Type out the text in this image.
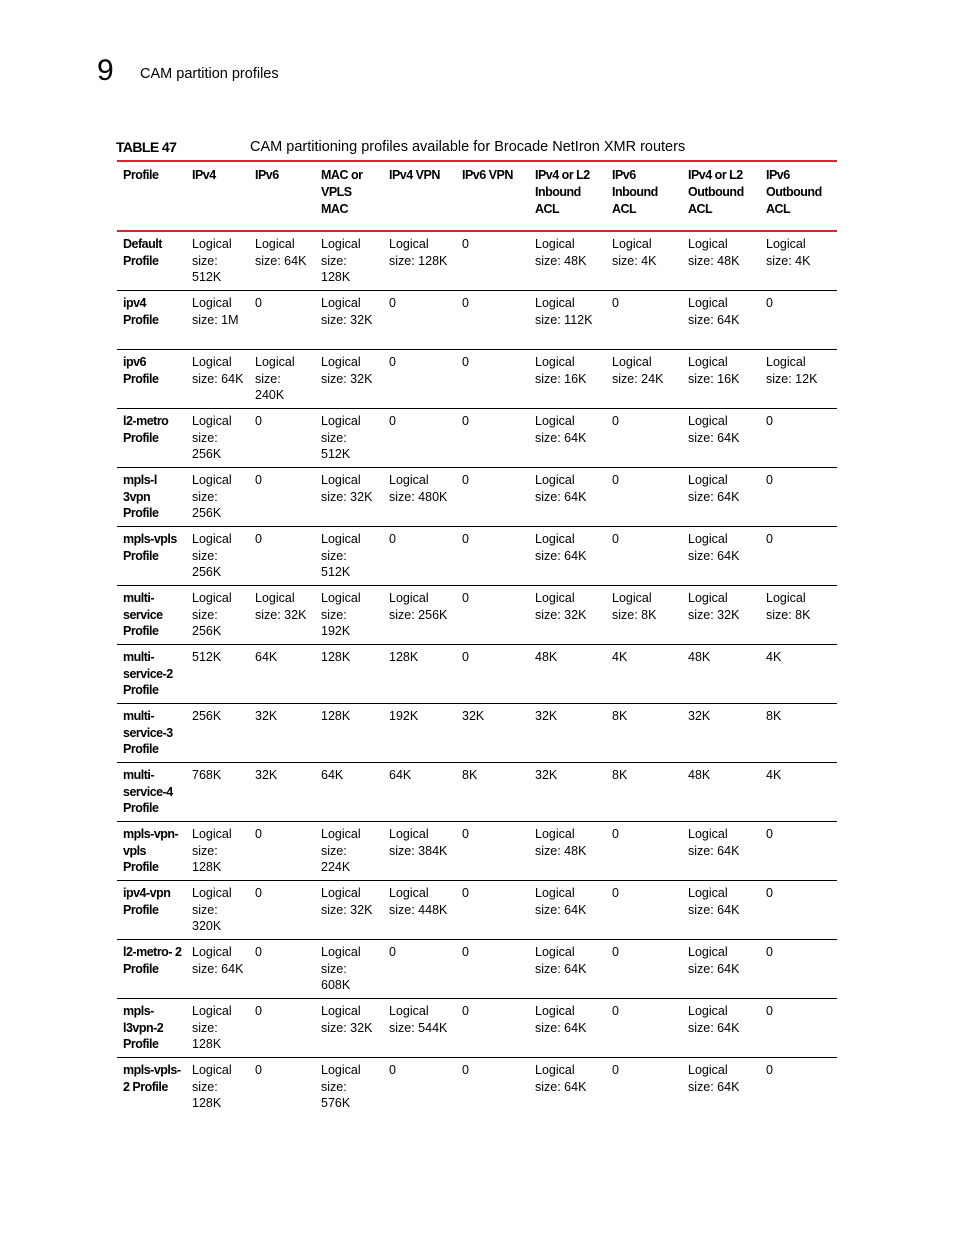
9 CAM partition profiles
TABLE 47	CAM partitioning profiles available for Brocade NetIron XMR routers
Profile	IPv4	IPv6	MAC or VPLS MAC	IPv4 VPN	IPv6 VPN	IPv4 or L2 Inbound ACL	IPv6 Inbound ACL	IPv4 or L2 Outbound ACL	IPv6 Outbound ACL
Default Profile	Logical size: 512K	Logical size: 64K	Logical size: 128K	Logical size: 128K	0	Logical size: 48K	Logical size: 4K	Logical size: 48K	Logical size: 4K
ipv4 Profile	Logical size: 1M	0	Logical size: 32K	0	0	Logical size: 112K	0	Logical size: 64K	0
ipv6 Profile	Logical size: 64K	Logical size: 240K	Logical size: 32K	0	0	Logical size: 16K	Logical size: 24K	Logical size: 16K	Logical size: 12K
l2-metro Profile	Logical size: 256K	0	Logical size: 512K	0	0	Logical size: 64K	0	Logical size: 64K	0
mpls-l 3vpn Profile	Logical size: 256K	0	Logical size: 32K	Logical size: 480K	0	Logical size: 64K	0	Logical size: 64K	0
mpls-vpls Profile	Logical size: 256K	0	Logical size: 512K	0	0	Logical size: 64K	0	Logical size: 64K	0
multi- service Profile	Logical size: 256K	Logical size: 32K	Logical size: 192K	Logical size: 256K	0	Logical size: 32K	Logical size: 8K	Logical size: 32K	Logical size: 8K
multi- service-2 Profile	512K	64K	128K	128K	0	48K	4K	48K	4K
multi- service-3 Profile	256K	32K	128K	192K	32K	32K	8K	32K	8K
multi- service-4 Profile	768K	32K	64K	64K	8K	32K	8K	48K	4K
mpls-vpn- vpls Profile	Logical size: 128K	0	Logical size: 224K	Logical size: 384K	0	Logical size: 48K	0	Logical size: 64K	0
ipv4-vpn Profile	Logical size: 320K	0	Logical size: 32K	Logical size: 448K	0	Logical size: 64K	0	Logical size: 64K	0
l2-metro- 2 Profile	Logical size: 64K	0	Logical size: 608K	0	0	Logical size: 64K	0	Logical size: 64K	0
mpls- l3vpn-2 Profile	Logical size: 128K	0	Logical size: 32K	Logical size: 544K	0	Logical size: 64K	0	Logical size: 64K	0
mpls-vpls- 2 Profile	Logical size: 128K	0	Logical size: 576K	0	0	Logical size: 64K	0	Logical size: 64K	0
